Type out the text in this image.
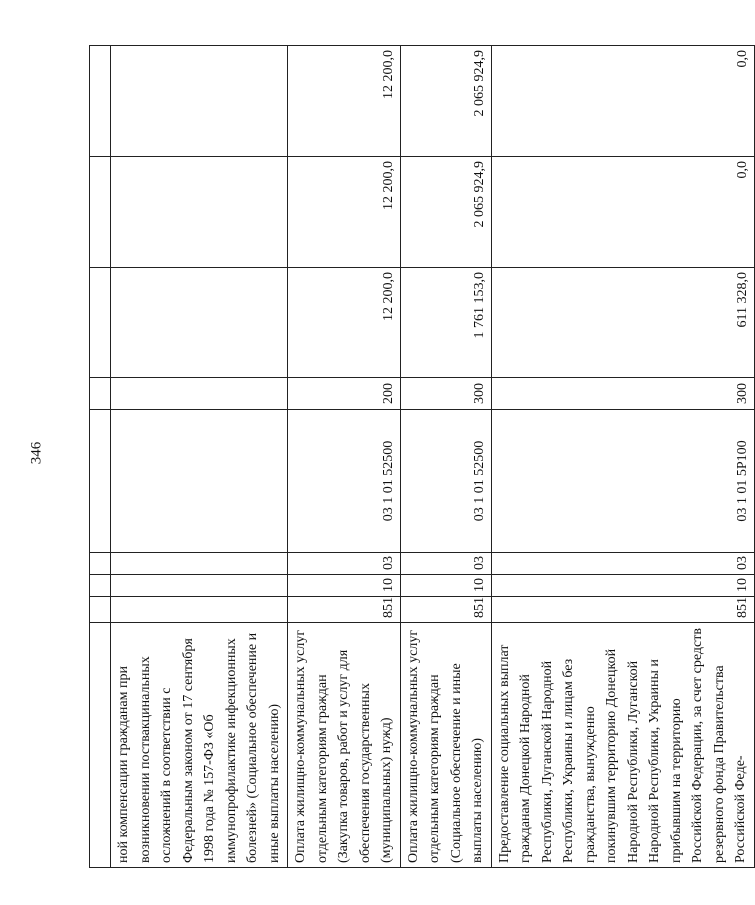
346

ной компенсации гражданам при возникновении поствакцинальных осложнений в соответствии с Федеральным законом от 17 сентября 1998 года № 157-ФЗ «Об иммунопрофилактике инфекционных болезней» (Социальное обеспечение и иные выплаты населению)								
Оплата жилищно-коммунальных услуг отдельным категориям граждан (Закупка товаров, работ и услуг для обеспечения государственных (муниципальных) нужд)	851	10	03	03 1 01 52500	200	12 200,0	12 200,0	12 200,0
Оплата жилищно-коммунальных услуг отдельным категориям граждан (Социальное обеспечение и иные выплаты населению)	851	10	03	03 1 01 52500	300	1 761 153,0	2 065 924,9	2 065 924,9
Предоставление социальных выплат гражданам Донецкой Народной Республики, Луганской Народной Республики, Украины и лицам без гражданства, вынужденно покинувшим территорию Донецкой Народной Республики, Луганской Народной Республики, Украины и прибывшим на территорию Российской Федерации, за счет средств резервного фонда Правительства Российской Феде-	851	10	03	03 1 01 5Р100	300	611 328,0	0,0	0,0
